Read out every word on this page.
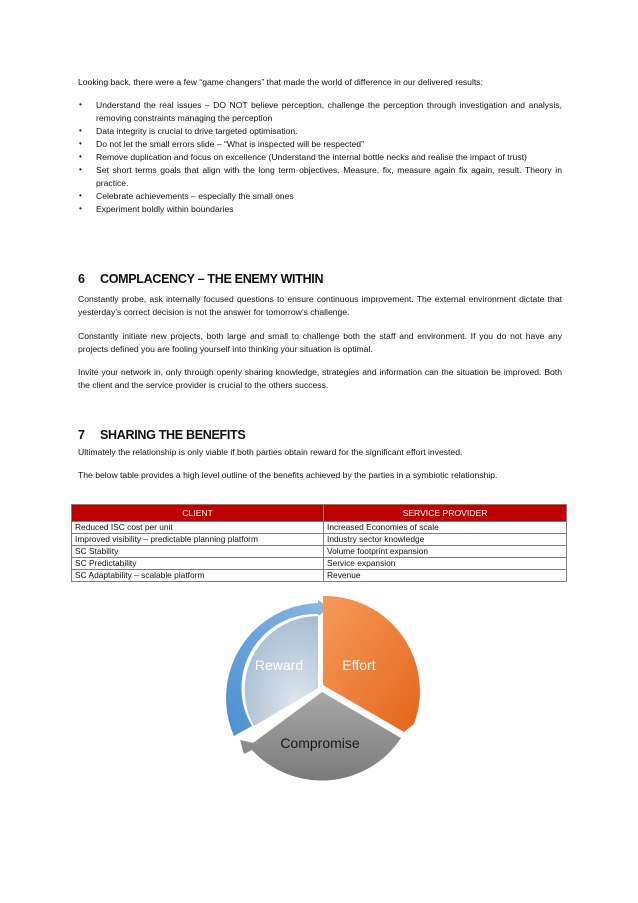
Looking back, there were a few “game changers” that made the world of difference in our delivered results:
• Understand the real issues – DO NOT believe perception, challenge the perception through investigation and analysis, removing constraints managing the perception
• Data integrity is crucial to drive targeted optimisation.
• Do not let the small errors slide – “What is inspected will be respected”
• Remove duplication and focus on excellence (Understand the internal bottle necks and realise the impact of trust)
• Set short terms goals that align with the long term objectives. Measure, fix, measure again fix again, result. Theory in practice.
• Celebrate achievements – especially the small ones
• Experiment boldly within boundaries
6 COMPLACENCY – THE ENEMY WITHIN
Constantly probe, ask internally focused questions to ensure continuous improvement. The external environment dictate that yesterday’s correct decision is not the answer for tomorrow’s challenge.
Constantly initiate new projects, both large and small to challenge both the staff and environment. If you do not have any projects defined you are fooling yourself into thinking your situation is optimal.
Invite your network in, only through openly sharing knowledge, strategies and information can the situation be improved. Both the client and the service provider is crucial to the others success.
7 SHARING THE BENEFITS
Ultimately the relationship is only viable if both parties obtain reward for the significant effort invested.
The below table provides a high level outline of the benefits achieved by the parties in a symbiotic relationship.
CLIENT	SERVICE PROVIDER
Reduced ISC cost per unit	Increased Economies of scale
Improved visibility – predictable planning platform	Industry sector knowledge
SC Stability	Volume footprint expansion
SC Predictability	Service expansion
SC Adaptability – scalable platform	Revenue
Reward	Effort
Compromise
